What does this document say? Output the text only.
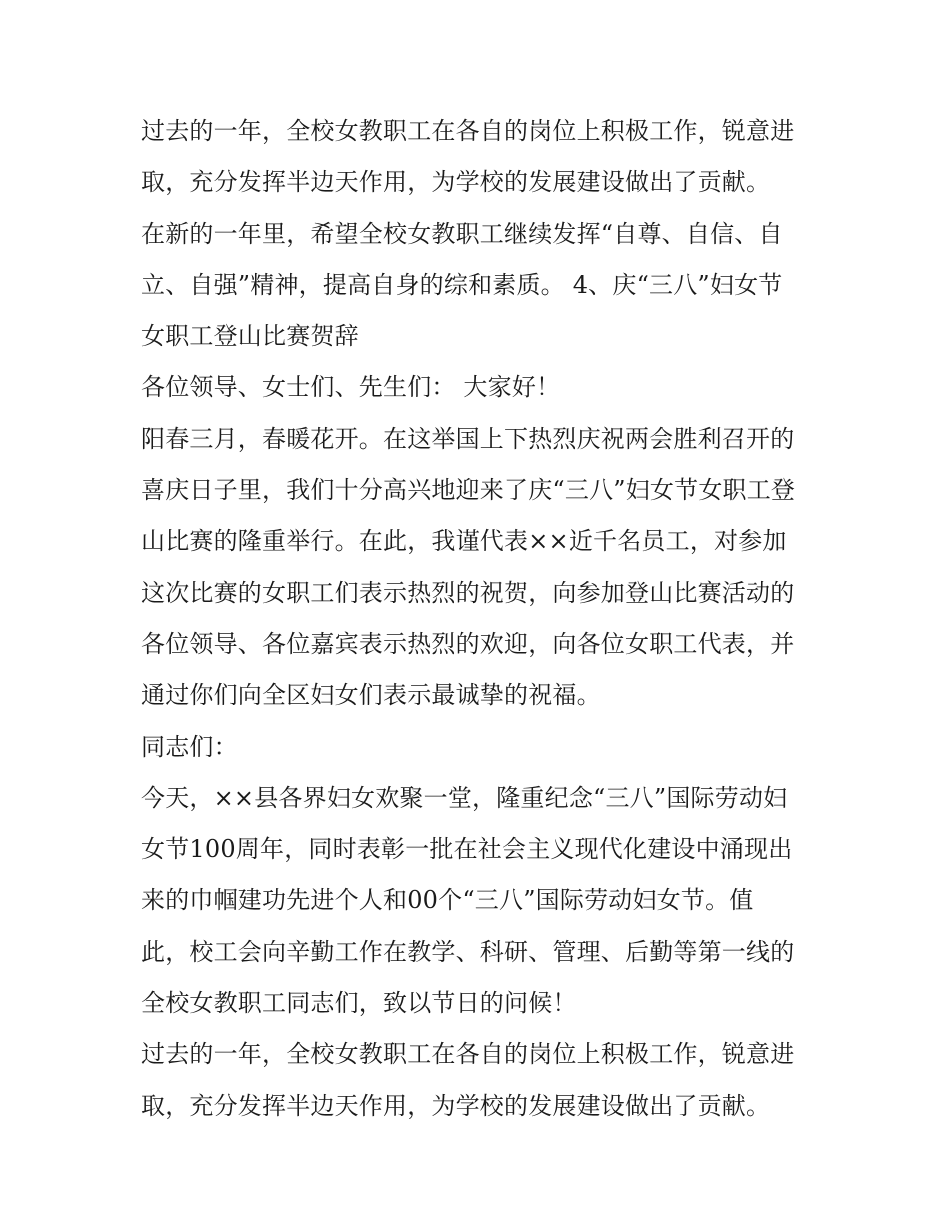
过去的一年，全校女教职工在各自的岗位上积极工作，锐意进
取，充分发挥半边天作用，为学校的发展建设做出了贡献。
在新的一年里，希望全校女教职工继续发挥“自尊、自信、自
立、自强”精神，提高自身的综和素质。 4、庆“三八”妇女节
女职工登山比赛贺辞
各位领导、女士们、先生们： 大家好！
阳春三月，春暖花开。在这举国上下热烈庆祝两会胜利召开的
喜庆日子里，我们十分高兴地迎来了庆“三八”妇女节女职工登
山比赛的隆重举行。在此，我谨代表××近千名员工，对参加
这次比赛的女职工们表示热烈的祝贺，向参加登山比赛活动的
各位领导、各位嘉宾表示热烈的欢迎，向各位女职工代表，并
通过你们向全区妇女们表示最诚挚的祝福。
同志们：
今天，××县各界妇女欢聚一堂，隆重纪念“三八”国际劳动妇
女节100周年，同时表彰一批在社会主义现代化建设中涌现出
来的巾帼建功先进个人和00个“三八”国际劳动妇女节。值
此，校工会向辛勤工作在教学、科研、管理、后勤等第一线的
全校女教职工同志们，致以节日的问候！
过去的一年，全校女教职工在各自的岗位上积极工作，锐意进
取，充分发挥半边天作用，为学校的发展建设做出了贡献。
